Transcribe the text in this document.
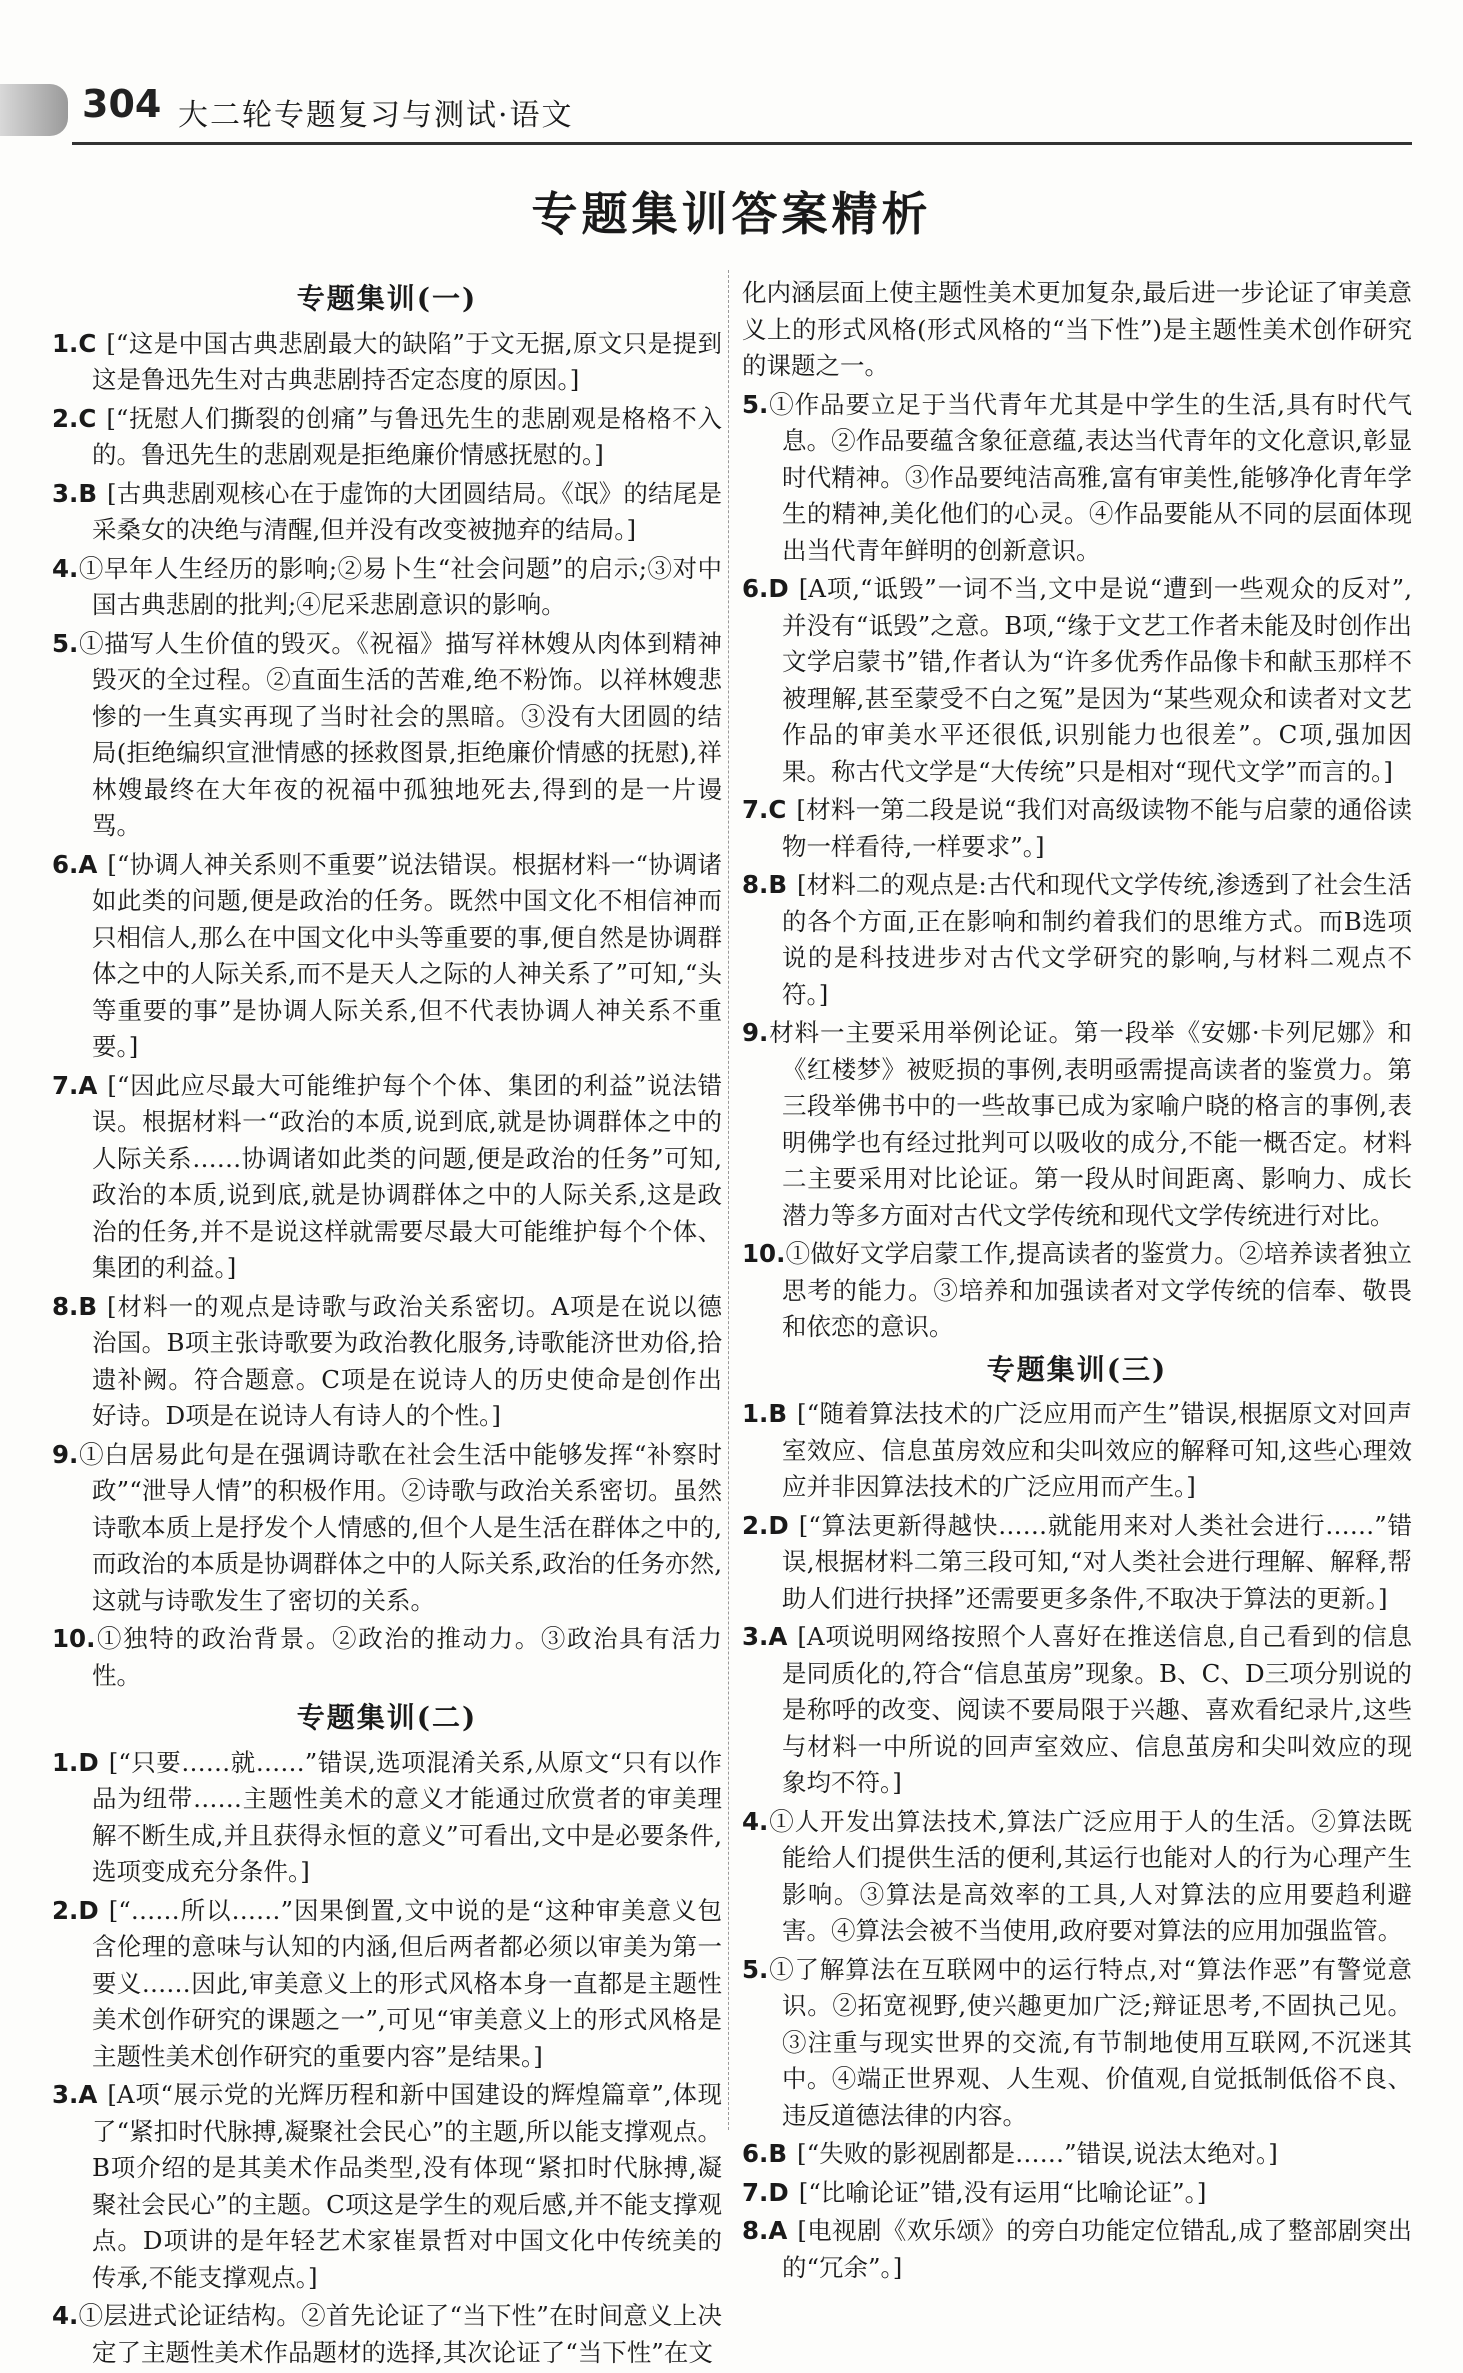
304 大二轮专题复习与测试·语文
专题集训答案精析
专题集训(一)
1.C [“这是中国古典悲剧最大的缺陷”于文无据,原文只是提到这是鲁迅先生对古典悲剧持否定态度的原因。]
2.C [“抚慰人们撕裂的创痛”与鲁迅先生的悲剧观是格格不入的。鲁迅先生的悲剧观是拒绝廉价情感抚慰的。]
3.B [古典悲剧观核心在于虚饰的大团圆结局。《氓》的结尾是采桑女的决绝与清醒,但并没有改变被抛弃的结局。]
4.①早年人生经历的影响;②易卜生“社会问题”的启示;③对中国古典悲剧的批判;④尼采悲剧意识的影响。
5.①描写人生价值的毁灭。《祝福》描写祥林嫂从肉体到精神毁灭的全过程。②直面生活的苦难,绝不粉饰。以祥林嫂悲惨的一生真实再现了当时社会的黑暗。③没有大团圆的结局(拒绝编织宣泄情感的拯救图景,拒绝廉价情感的抚慰),祥林嫂最终在大年夜的祝福中孤独地死去,得到的是一片谩骂。
6.A [“协调人神关系则不重要”说法错误。根据材料一“协调诸如此类的问题,便是政治的任务。既然中国文化不相信神而只相信人,那么在中国文化中头等重要的事,便自然是协调群体之中的人际关系,而不是天人之际的人神关系了”可知,“头等重要的事”是协调人际关系,但不代表协调人神关系不重要。]
7.A [“因此应尽最大可能维护每个个体、集团的利益”说法错误。根据材料一“政治的本质,说到底,就是协调群体之中的人际关系……协调诸如此类的问题,便是政治的任务”可知,政治的本质,说到底,就是协调群体之中的人际关系,这是政治的任务,并不是说这样就需要尽最大可能维护每个个体、集团的利益。]
8.B [材料一的观点是诗歌与政治关系密切。A项是在说以德治国。B项主张诗歌要为政治教化服务,诗歌能济世劝俗,拾遗补阙。符合题意。C项是在说诗人的历史使命是创作出好诗。D项是在说诗人有诗人的个性。]
9.①白居易此句是在强调诗歌在社会生活中能够发挥“补察时政”“泄导人情”的积极作用。②诗歌与政治关系密切。虽然诗歌本质上是抒发个人情感的,但个人是生活在群体之中的,而政治的本质是协调群体之中的人际关系,政治的任务亦然,这就与诗歌发生了密切的关系。
10.①独特的政治背景。②政治的推动力。③政治具有活力性。
专题集训(二)
1.D [“只要……就……”错误,选项混淆关系,从原文“只有以作品为纽带……主题性美术的意义才能通过欣赏者的审美理解不断生成,并且获得永恒的意义”可看出,文中是必要条件,选项变成充分条件。]
2.D [“……所以……”因果倒置,文中说的是“这种审美意义包含伦理的意味与认知的内涵,但后两者都必须以审美为第一要义……因此,审美意义上的形式风格本身一直都是主题性美术创作研究的课题之一”,可见“审美意义上的形式风格是主题性美术创作研究的重要内容”是结果。]
3.A [A项“展示党的光辉历程和新中国建设的辉煌篇章”,体现了“紧扣时代脉搏,凝聚社会民心”的主题,所以能支撑观点。B项介绍的是其美术作品类型,没有体现“紧扣时代脉搏,凝聚社会民心”的主题。C项这是学生的观后感,并不能支撑观点。D项讲的是年轻艺术家崔景哲对中国文化中传统美的传承,不能支撑观点。]
4.①层进式论证结构。②首先论证了“当下性”在时间意义上决定了主题性美术作品题材的选择,其次论证了“当下性”在文
化内涵层面上使主题性美术更加复杂,最后进一步论证了审美意义上的形式风格(形式风格的“当下性”)是主题性美术创作研究的课题之一。
5.①作品要立足于当代青年尤其是中学生的生活,具有时代气息。②作品要蕴含象征意蕴,表达当代青年的文化意识,彰显时代精神。③作品要纯洁高雅,富有审美性,能够净化青年学生的精神,美化他们的心灵。④作品要能从不同的层面体现出当代青年鲜明的创新意识。
6.D [A项,“诋毁”一词不当,文中是说“遭到一些观众的反对”,并没有“诋毁”之意。B项,“缘于文艺工作者未能及时创作出文学启蒙书”错,作者认为“许多优秀作品像卡和献玉那样不被理解,甚至蒙受不白之冤”是因为“某些观众和读者对文艺作品的审美水平还很低,识别能力也很差”。C项,强加因果。称古代文学是“大传统”只是相对“现代文学”而言的。]
7.C [材料一第二段是说“我们对高级读物不能与启蒙的通俗读物一样看待,一样要求”。]
8.B [材料二的观点是:古代和现代文学传统,渗透到了社会生活的各个方面,正在影响和制约着我们的思维方式。而B选项说的是科技进步对古代文学研究的影响,与材料二观点不符。]
9.材料一主要采用举例论证。第一段举《安娜·卡列尼娜》和《红楼梦》被贬损的事例,表明亟需提高读者的鉴赏力。第三段举佛书中的一些故事已成为家喻户晓的格言的事例,表明佛学也有经过批判可以吸收的成分,不能一概否定。材料二主要采用对比论证。第一段从时间距离、影响力、成长潜力等多方面对古代文学传统和现代文学传统进行对比。
10.①做好文学启蒙工作,提高读者的鉴赏力。②培养读者独立思考的能力。③培养和加强读者对文学传统的信奉、敬畏和依恋的意识。
专题集训(三)
1.B [“随着算法技术的广泛应用而产生”错误,根据原文对回声室效应、信息茧房效应和尖叫效应的解释可知,这些心理效应并非因算法技术的广泛应用而产生。]
2.D [“算法更新得越快……就能用来对人类社会进行……”错误,根据材料二第三段可知,“对人类社会进行理解、解释,帮助人们进行抉择”还需要更多条件,不取决于算法的更新。]
3.A [A项说明网络按照个人喜好在推送信息,自己看到的信息是同质化的,符合“信息茧房”现象。B、C、D三项分别说的是称呼的改变、阅读不要局限于兴趣、喜欢看纪录片,这些与材料一中所说的回声室效应、信息茧房和尖叫效应的现象均不符。]
4.①人开发出算法技术,算法广泛应用于人的生活。②算法既能给人们提供生活的便利,其运行也能对人的行为心理产生影响。③算法是高效率的工具,人对算法的应用要趋利避害。④算法会被不当使用,政府要对算法的应用加强监管。
5.①了解算法在互联网中的运行特点,对“算法作恶”有警觉意识。②拓宽视野,使兴趣更加广泛;辩证思考,不固执己见。③注重与现实世界的交流,有节制地使用互联网,不沉迷其中。④端正世界观、人生观、价值观,自觉抵制低俗不良、违反道德法律的内容。
6.B [“失败的影视剧都是……”错误,说法太绝对。]
7.D [“比喻论证”错,没有运用“比喻论证”。]
8.A [电视剧《欢乐颂》的旁白功能定位错乱,成了整部剧突出的“冗余”。]
